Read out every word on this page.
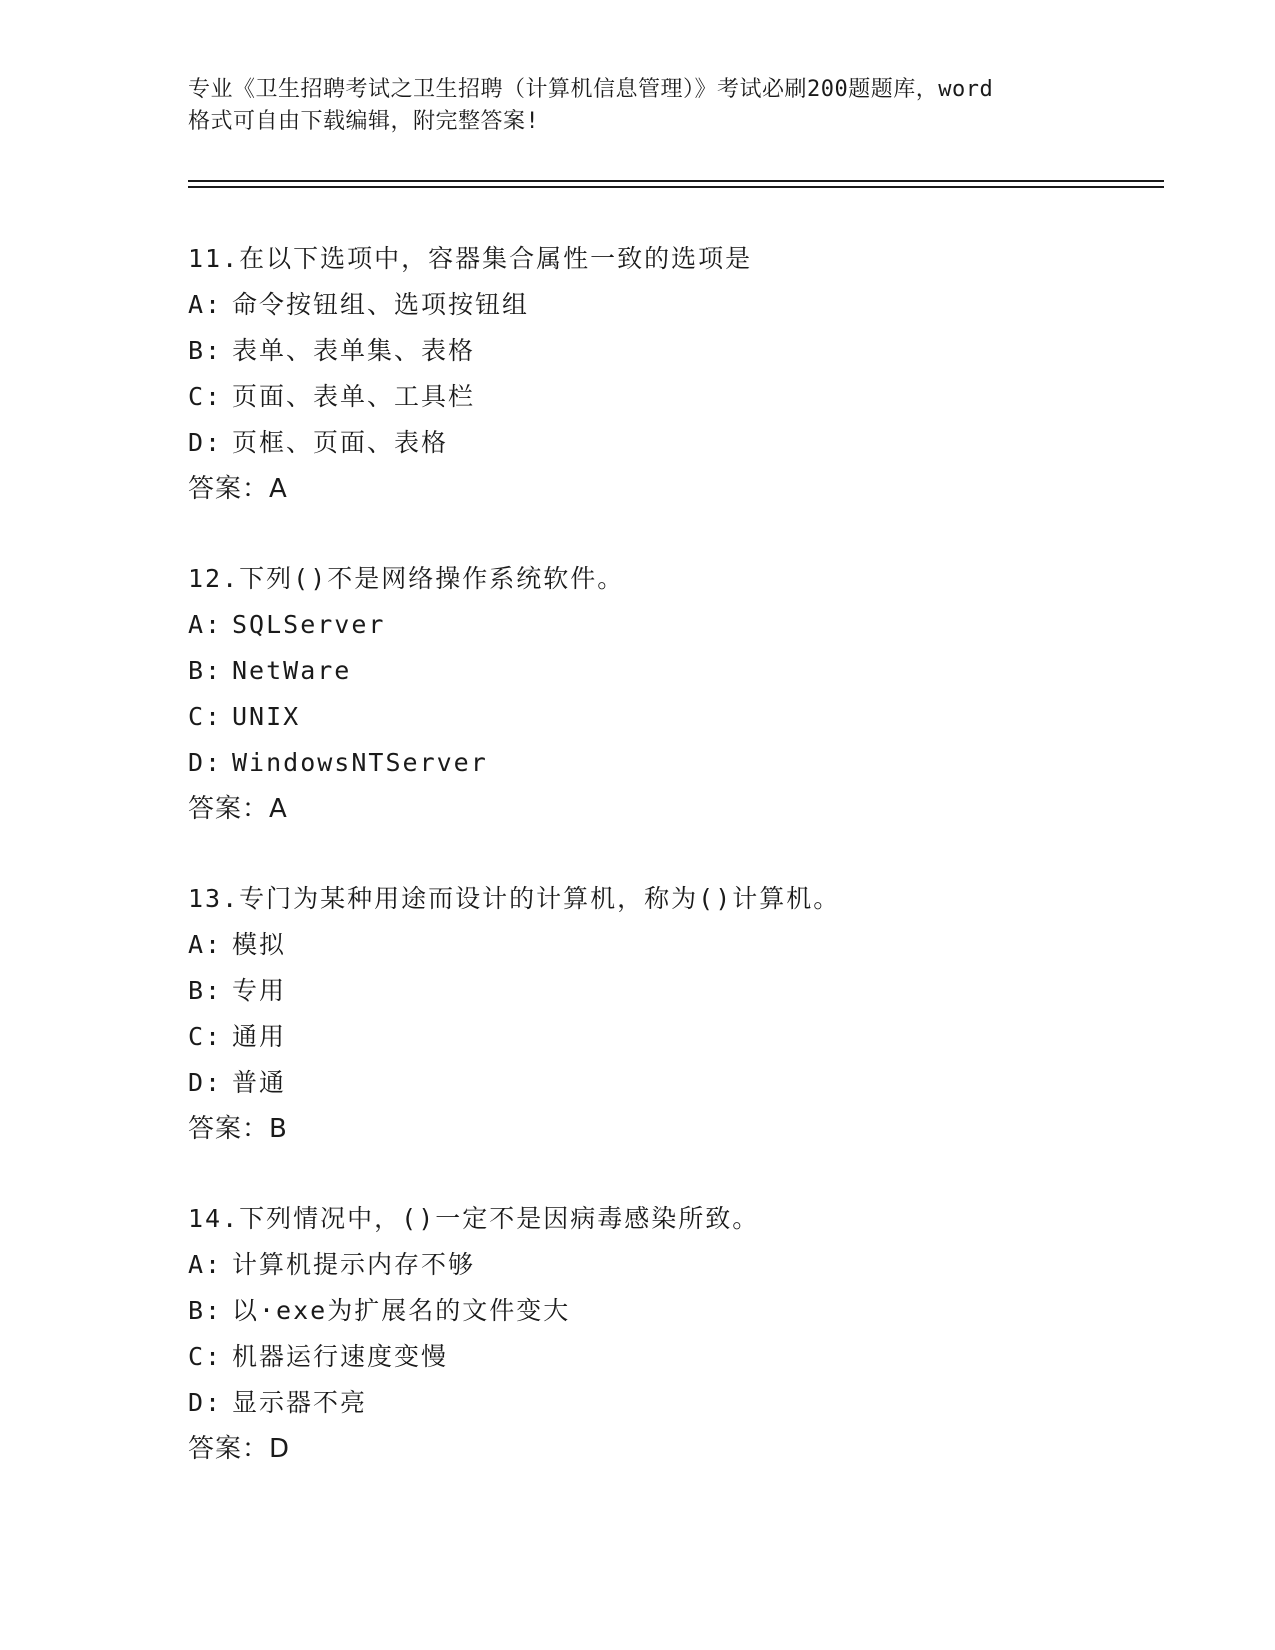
专业《卫生招聘考试之卫生招聘（计算机信息管理）》考试必刷200题题库，word
格式可自由下载编辑，附完整答案!
11.在以下选项中，容器集合属性一致的选项是
A: 命令按钮组、选项按钮组
B: 表单、表单集、表格
C: 页面、表单、工具栏
D: 页框、页面、表格
答案：A
12.下列()不是网络操作系统软件。
A: SQLServer
B: NetWare
C: UNIX
D: WindowsNTServer
答案：A
13.专门为某种用途而设计的计算机，称为()计算机。
A: 模拟
B: 专用
C: 通用
D: 普通
答案：B
14.下列情况中，()一定不是因病毒感染所致。
A: 计算机提示内存不够
B: 以·exe为扩展名的文件变大
C: 机器运行速度变慢
D: 显示器不亮
答案：D
